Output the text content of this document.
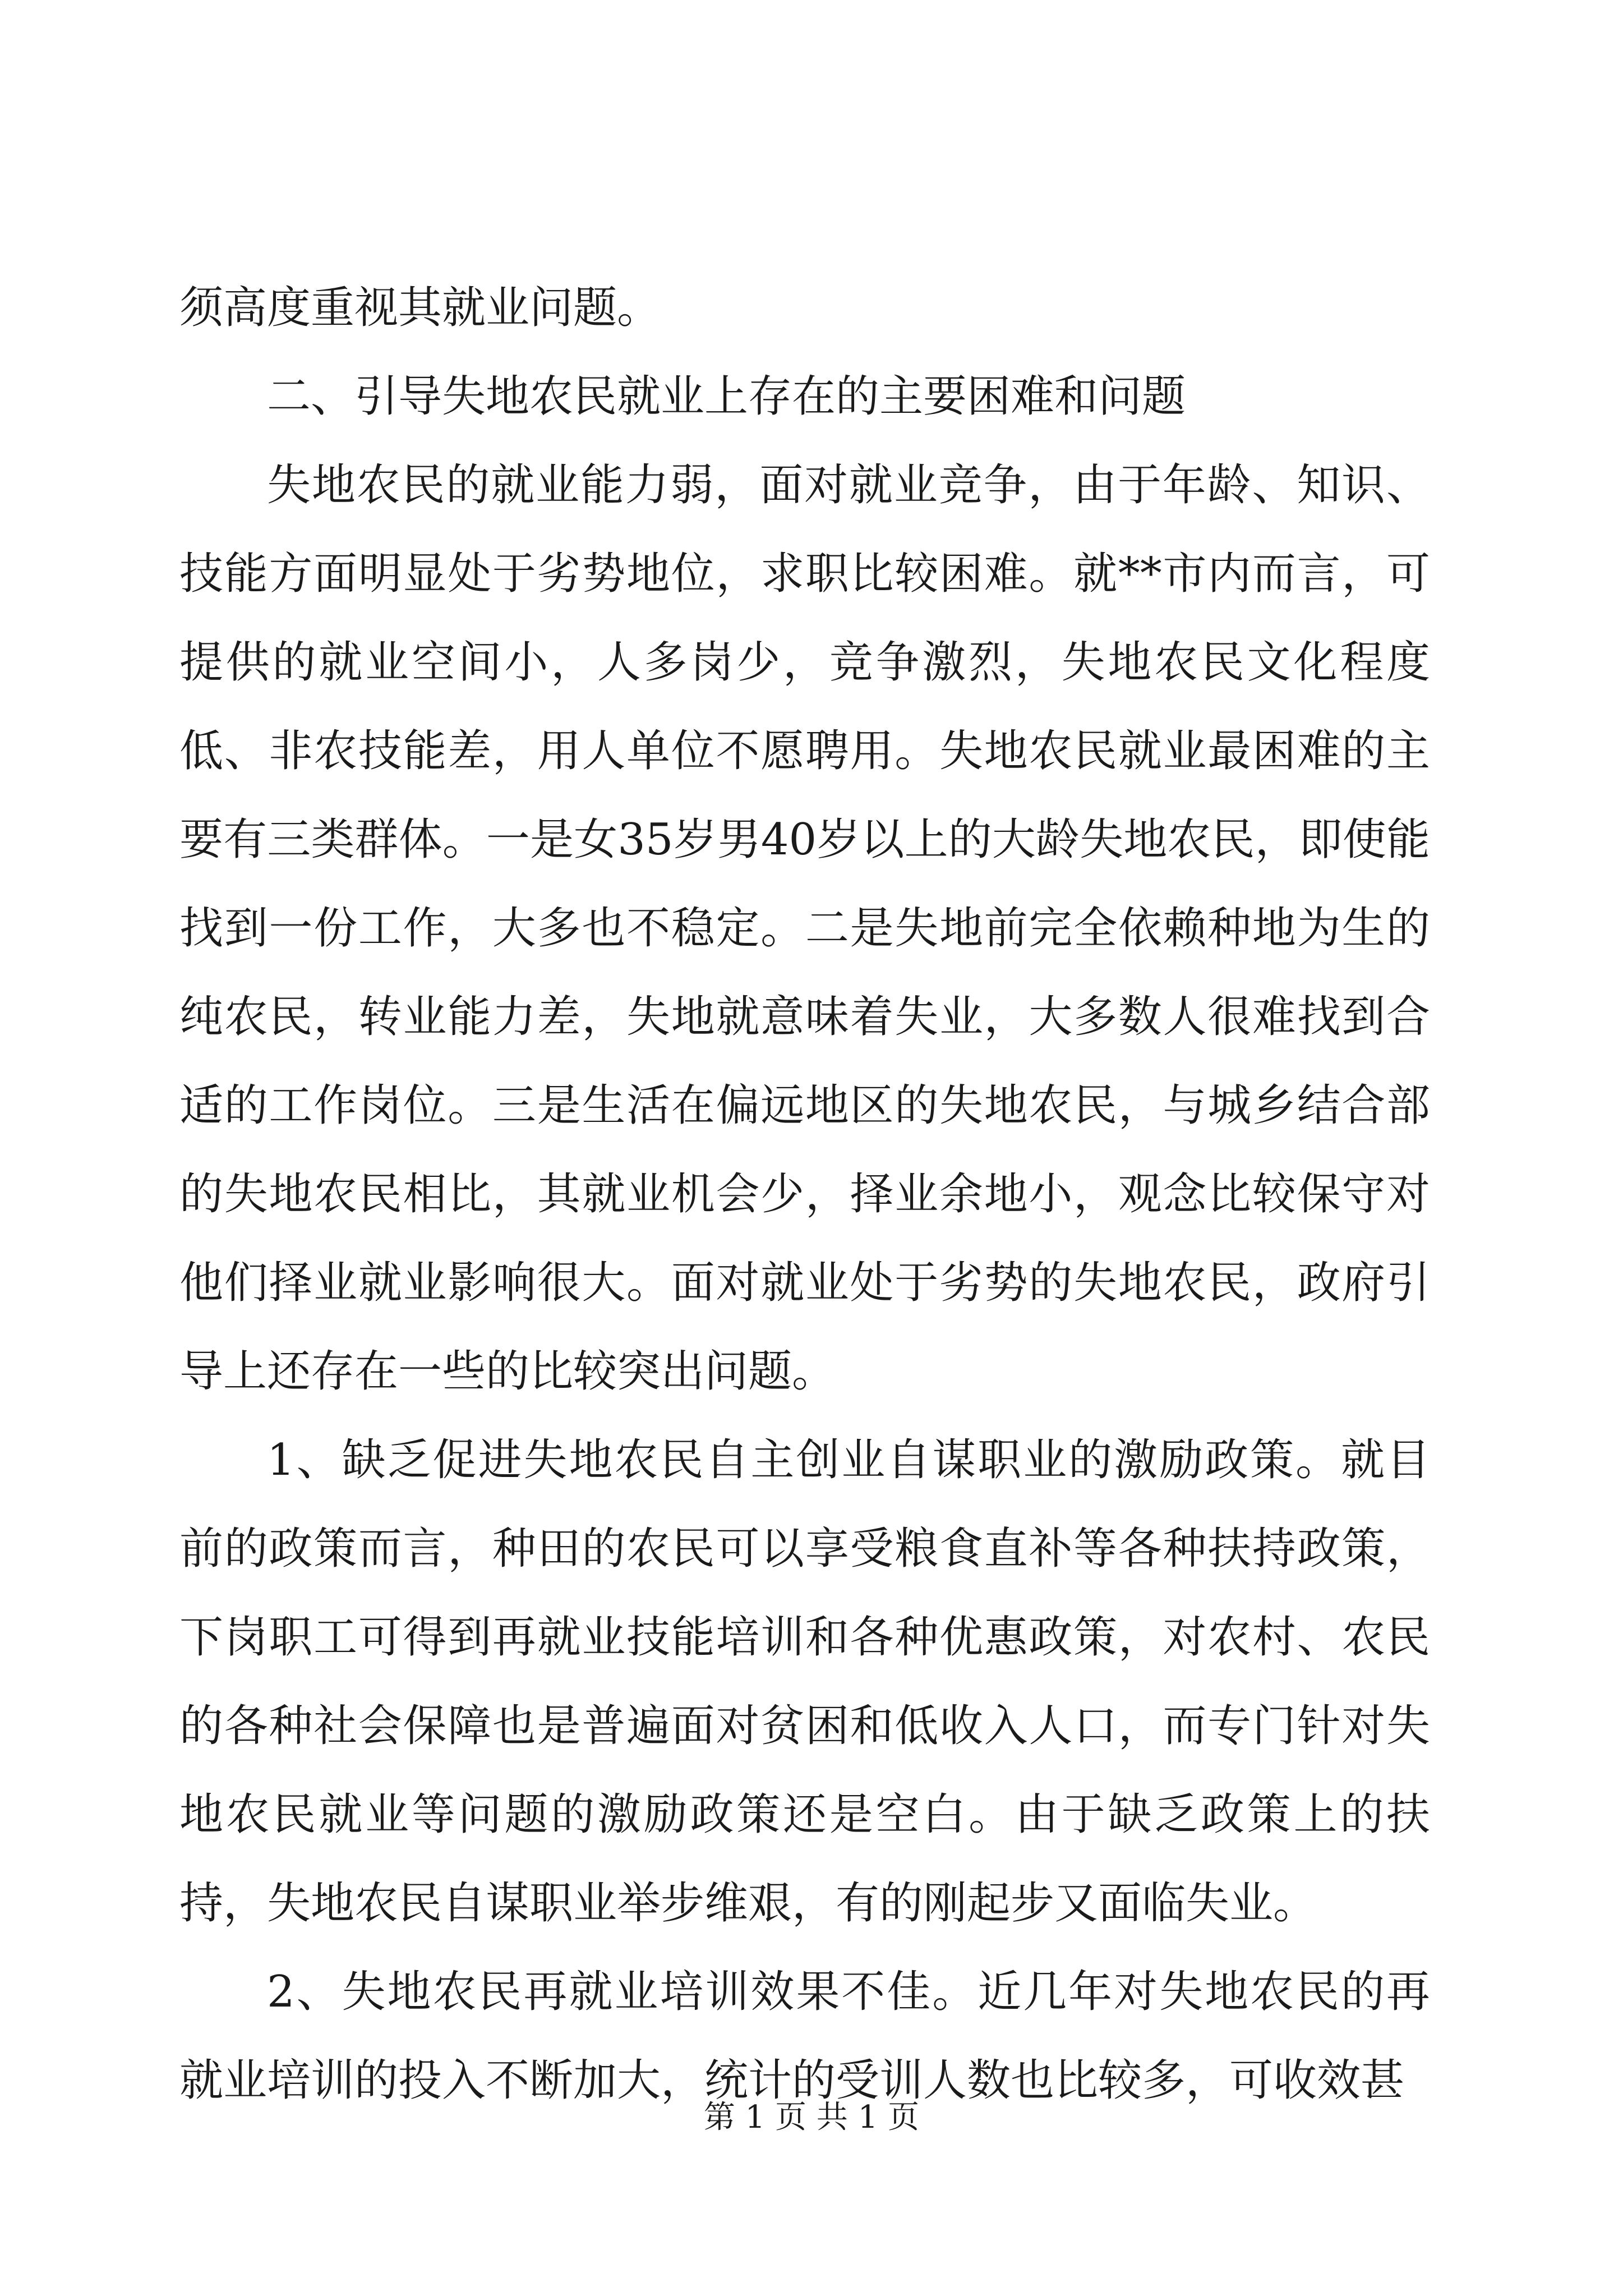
须高度重视其就业问题。

二、引导失地农民就业上存在的主要困难和问题

失地农民的就业能力弱，面对就业竞争，由于年龄、知识、技能方面明显处于劣势地位，求职比较困难。就**市内而言，可提供的就业空间小，人多岗少，竞争激烈，失地农民文化程度低、非农技能差，用人单位不愿聘用。失地农民就业最困难的主要有三类群体。一是女35岁男40岁以上的大龄失地农民，即使能找到一份工作，大多也不稳定。二是失地前完全依赖种地为生的纯农民，转业能力差，失地就意味着失业，大多数人很难找到合适的工作岗位。三是生活在偏远地区的失地农民，与城乡结合部的失地农民相比，其就业机会少，择业余地小，观念比较保守对他们择业就业影响很大。面对就业处于劣势的失地农民，政府引导上还存在一些的比较突出问题。

1、缺乏促进失地农民自主创业自谋职业的激励政策。就目前的政策而言，种田的农民可以享受粮食直补等各种扶持政策，下岗职工可得到再就业技能培训和各种优惠政策，对农村、农民的各种社会保障也是普遍面对贫困和低收入人口，而专门针对失地农民就业等问题的激励政策还是空白。由于缺乏政策上的扶持，失地农民自谋职业举步维艰，有的刚起步又面临失业。

2、失地农民再就业培训效果不佳。近几年对失地农民的再就业培训的投入不断加大，统计的受训人数也比较多，可收效甚

第 1 页 共 1 页
